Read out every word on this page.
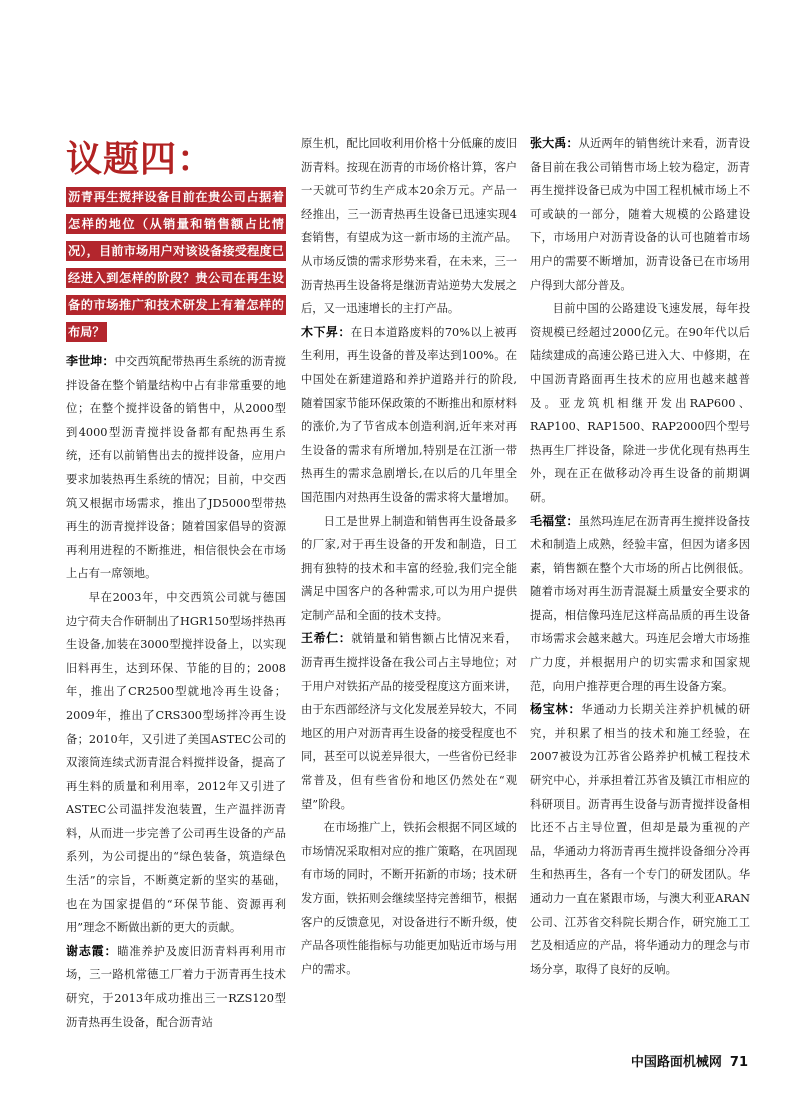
议题四：
沥青再生搅拌设备目前在贵公司占据着怎样的地位（从销量和销售额占比情况），目前市场用户对该设备接受程度已经进入到怎样的阶段？贵公司在再生设备的市场推广和技术研发上有着怎样的布局？

李世坤：中交西筑配带热再生系统的沥青搅拌设备在整个销量结构中占有非常重要的地位；在整个搅拌设备的销售中，从2000型到4000型沥青搅拌设备都有配热再生系统，还有以前销售出去的搅拌设备，应用户要求加装热再生系统的情况；目前，中交西筑又根据市场需求，推出了JD5000型带热再生的沥青搅拌设备；随着国家倡导的资源再利用进程的不断推进，相信很快会在市场上占有一席领地。

早在2003年，中交西筑公司就与德国边宁荷夫合作研制出了HGR150型场拌热再生设备,加装在3000型搅拌设备上，以实现旧料再生，达到环保、节能的目的；2008年，推出了CR2500型就地冷再生设备；2009年，推出了CRS300型场拌冷再生设备；2010年，又引进了美国ASTEC公司的双滚筒连续式沥青混合料搅拌设备，提高了再生料的质量和利用率，2012年又引进了ASTEC公司温拌发泡装置，生产温拌沥青料，从而进一步完善了公司再生设备的产品系列，为公司提出的“绿色装备，筑造绿色生活”的宗旨，不断奠定新的坚实的基础，也在为国家提倡的“环保节能、资源再利用”理念不断做出新的更大的贡献。

谢志霞：瞄准养护及废旧沥青料再利用市场，三一路机常德工厂着力于沥青再生技术研究，于2013年成功推出三一RZS120型沥青热再生设备，配合沥青站

原生机，配比回收利用价格十分低廉的废旧沥青料。按现在沥青的市场价格计算，客户一天就可节约生产成本20余万元。产品一经推出，三一沥青热再生设备已迅速实现4套销售，有望成为这一新市场的主流产品。从市场反馈的需求形势来看，在未来，三一沥青热再生设备将是继沥青站逆势大发展之后，又一迅速增长的主打产品。

木下昇：在日本道路废料的70%以上被再生利用，再生设备的普及率达到100%。在中国处在新建道路和养护道路并行的阶段,随着国家节能环保政策的不断推出和原材料的涨价,为了节省成本创造利润,近年来对再生设备的需求有所增加,特别是在江浙一带热再生的需求急剧增长,在以后的几年里全国范围内对热再生设备的需求将大量增加。

日工是世界上制造和销售再生设备最多的厂家,对于再生设备的开发和制造，日工拥有独特的技术和丰富的经验,我们完全能满足中国客户的各种需求,可以为用户提供定制产品和全面的技术支持。

王希仁：就销量和销售额占比情况来看，沥青再生搅拌设备在我公司占主导地位；对于用户对铁拓产品的接受程度这方面来讲，由于东西部经济与文化发展差异较大，不同地区的用户对沥青再生设备的接受程度也不同，甚至可以说差异很大，一些省份已经非常普及，但有些省份和地区仍然处在“观望”阶段。

在市场推广上，铁拓会根据不同区域的市场情况采取相对应的推广策略，在巩固现有市场的同时，不断开拓新的市场；技术研发方面，铁拓则会继续坚持完善细节，根据客户的反馈意见，对设备进行不断升级，使产品各项性能指标与功能更加贴近市场与用户的需求。

张大禹：从近两年的销售统计来看，沥青设备目前在我公司销售市场上较为稳定，沥青再生搅拌设备已成为中国工程机械市场上不可或缺的一部分，随着大规模的公路建设下，市场用户对沥青设备的认可也随着市场用户的需要不断增加，沥青设备已在市场用户得到大部分普及。

目前中国的公路建设飞速发展，每年投资规模已经超过2000亿元。在90年代以后陆续建成的高速公路已进入大、中修期，在中国沥青路面再生技术的应用也越来越普及。亚龙筑机相继开发出RAP600、RAP100、RAP1500、RAP2000四个型号热再生厂拌设备，除进一步优化现有热再生外，现在正在做移动冷再生设备的前期调研。

毛福堂：虽然玛连尼在沥青再生搅拌设备技术和制造上成熟，经验丰富，但因为诸多因素，销售额在整个大市场的所占比例很低。随着市场对再生沥青混凝土质量安全要求的提高，相信像玛连尼这样高品质的再生设备市场需求会越来越大。玛连尼会增大市场推广力度，并根据用户的切实需求和国家规范，向用户推荐更合理的再生设备方案。

杨宝林：华通动力长期关注养护机械的研究，并积累了相当的技术和施工经验，在2007被设为江苏省公路养护机械工程技术研究中心，并承担着江苏省及镇江市相应的科研项目。沥青再生设备与沥青搅拌设备相比还不占主导位置，但却是最为重视的产品，华通动力将沥青再生搅拌设备细分冷再生和热再生，各有一个专门的研发团队。华通动力一直在紧跟市场，与澳大利亚ARAN公司、江苏省交科院长期合作，研究施工工艺及相适应的产品，将华通动力的理念与市场分享，取得了良好的反响。

中国路面机械网 71
